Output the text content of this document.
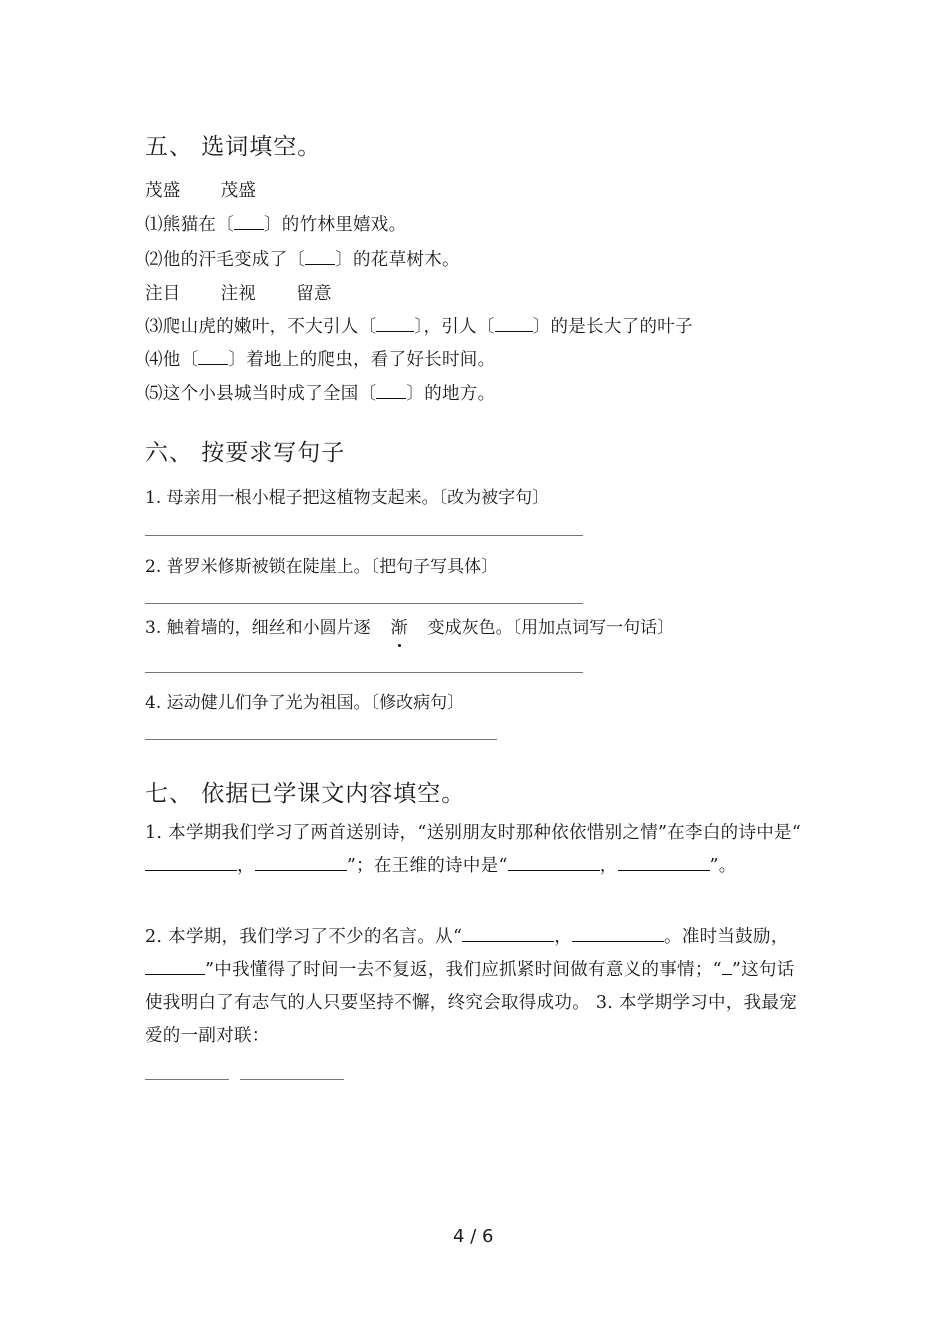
五、 选词填空。
茂盛 茂盛
⑴熊猫在〔 〕的竹林里嬉戏。
⑵他的汗毛变成了〔 〕的花草树木。
注目 注视 留意
⑶爬山虎的嫩叶，不大引人〔 〕，引人〔 〕的是长大了的叶子
⑷他〔 〕着地上的爬虫，看了好长时间。
⑸这个小县城当时成了全国〔 〕的地方。
六、 按要求写句子
1. 母亲用一根小棍子把这植物支起来。〔改为被字句〕
2. 普罗米修斯被锁在陡崖上。〔把句子写具体〕
3. 触着墙的，细丝和小圆片逐 渐 变成灰色。〔用加点词写一句话〕
4. 运动健儿们争了光为祖国。〔修改病句〕
七、 依据已学课文内容填空。
1. 本学期我们学习了两首送别诗，“送别朋友时那种依依惜别之情”在李白的诗中是“，	”；在王维的诗中是“	，	”。
2. 本学期，我们学习了不少的名言。从“	，	。准时当鼓励，”中我懂得了时间一去不复返，我们应抓紧时间做有意义的事情；“ ”这句话使我明白了有志气的人只要坚持不懈，终究会取得成功。 3. 本学期学习中，我最宠爱的一副对联：
4 / 6
